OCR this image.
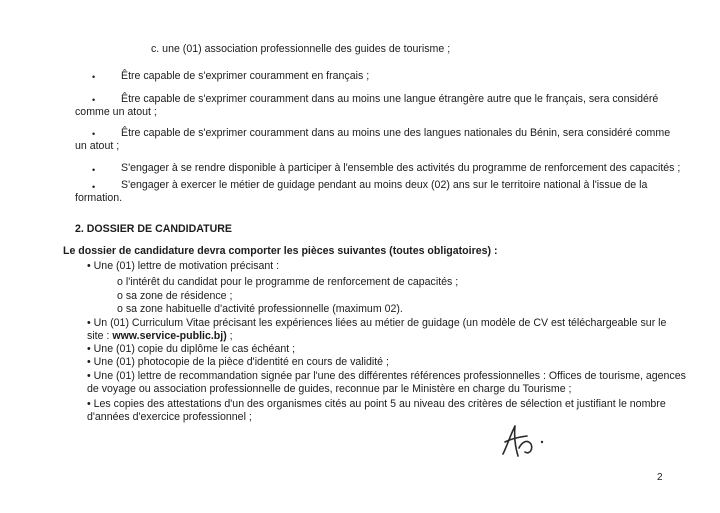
c. une (01) association professionnelle des guides de tourisme ;
• Être capable de s'exprimer couramment en français ;
• Être capable de s'exprimer couramment dans au moins une langue étrangère autre que le français, sera considéré
comme un atout ;
• Être capable de s'exprimer couramment dans au moins une des langues nationales du Bénin, sera considéré comme
un atout ;
• S'engager à se rendre disponible à participer à l'ensemble des activités du programme de renforcement des capacités ;
• S'engager à exercer le métier de guidage pendant au moins deux (02) ans sur le territoire national à l'issue de la
formation.
2. DOSSIER DE CANDIDATURE
Le dossier de candidature devra comporter les pièces suivantes (toutes obligatoires) :
• Une (01) lettre de motivation précisant :
o l'intérêt du candidat pour le programme de renforcement de capacités ;
o sa zone de résidence ;
o sa zone habituelle d'activité professionnelle (maximum 02).
• Un (01) Curriculum Vitae précisant les expériences liées au métier de guidage (un modèle de CV est téléchargeable sur le
site : www.service-public.bj) ;
• Une (01) copie du diplôme le cas échéant ;
• Une (01) photocopie de la pièce d'identité en cours de validité ;
• Une (01) lettre de recommandation signée par l'une des différentes références professionnelles : Offices de tourisme, agences
de voyage ou association professionnelle de guides, reconnue par le Ministère en charge du Tourisme ;
• Les copies des attestations d'un des organismes cités au point 5 au niveau des critères de sélection et justifiant le nombre
d'années d'exercice professionnel ;
2
